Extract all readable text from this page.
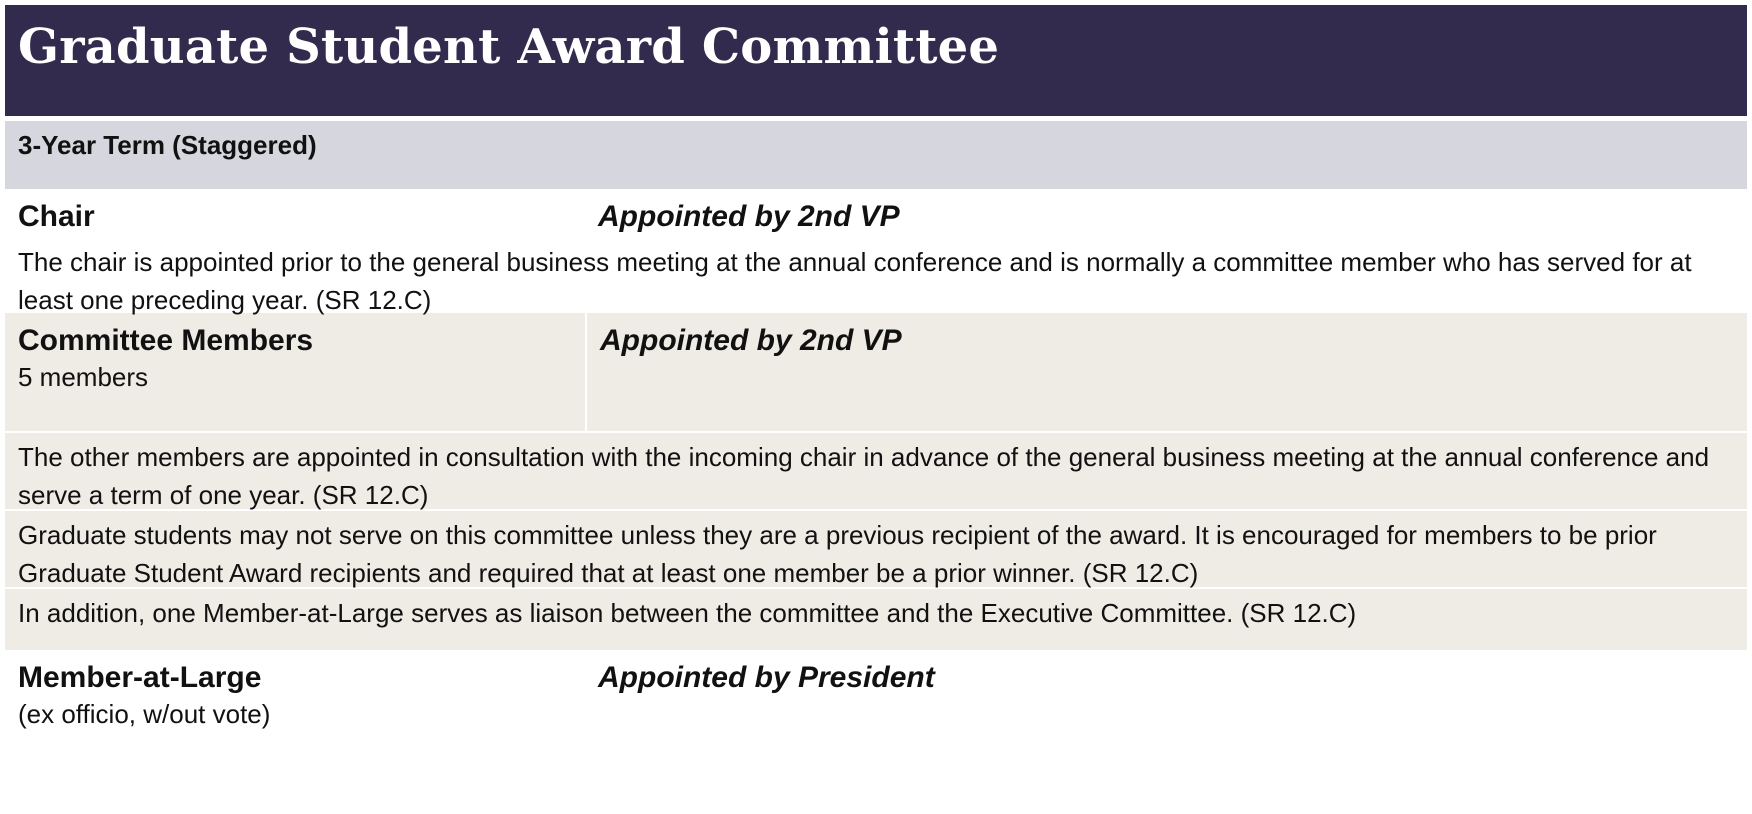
Graduate Student Award Committee
3-Year Term (Staggered)
Chair	Appointed by 2nd VP
The chair is appointed prior to the general business meeting at the annual conference and is normally a committee member who has served for at least one preceding year. (SR 12.C)
Committee Members
5 members
Appointed by 2nd VP
The other members are appointed in consultation with the incoming chair in advance of the general business meeting at the annual conference and serve a term of one year. (SR 12.C)
Graduate students may not serve on this committee unless they are a previous recipient of the award. It is encouraged for members to be prior Graduate Student Award recipients and required that at least one member be a prior winner. (SR 12.C)
In addition, one Member-at-Large serves as liaison between the committee and the Executive Committee. (SR 12.C)
Member-at-Large
(ex officio, w/out vote)
Appointed by President
